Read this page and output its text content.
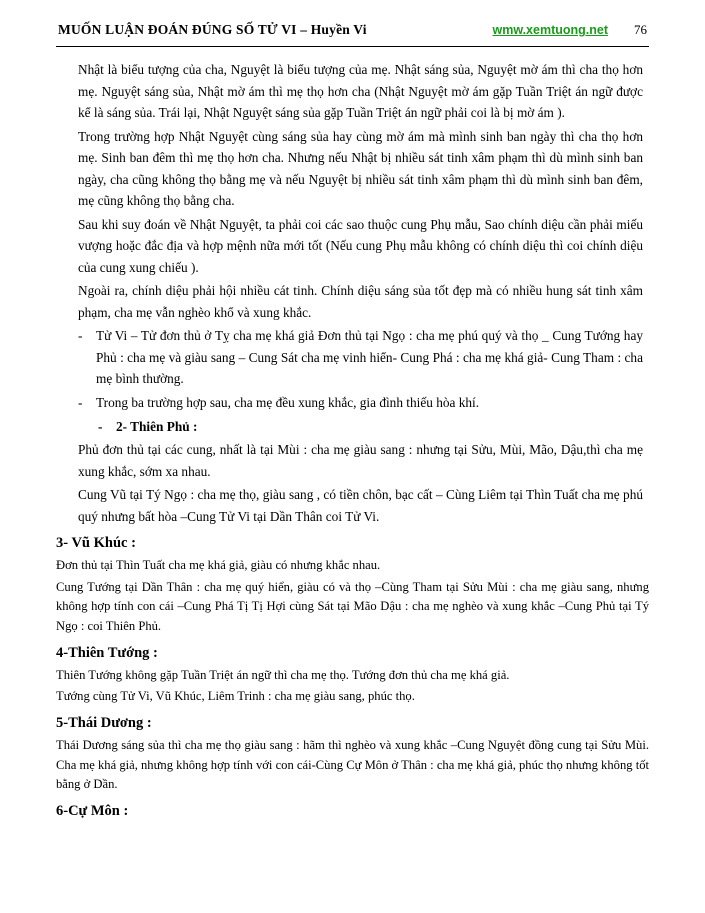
MUỐN LUẬN ĐOÁN ĐÚNG SỐ TỬ VI – Huyền Vi	wmw.xemtuong.net 76

Nhật là biểu tượng của cha, Nguyệt là biểu tượng của mẹ. Nhật sáng sủa, Nguyệt mờ ám thì cha thọ hơn mẹ. Nguyệt sáng sủa, Nhật mờ ám thì mẹ thọ hơn cha (Nhật Nguyệt mờ ám gặp Tuần Triệt án ngữ được kể là sáng sủa. Trái lại, Nhật Nguyệt sáng sủa gặp Tuần Triệt án ngữ phải coi là bị mờ ám ).

Trong trường hợp Nhật Nguyệt cùng sáng sủa hay cùng mờ ám mà mình sinh ban ngày thì cha thọ hơn mẹ. Sinh ban đêm thì mẹ thọ hơn cha. Nhưng nếu Nhật bị nhiều sát tinh xâm phạm thì dù mình sinh ban ngày, cha cũng không thọ bằng mẹ và nếu Nguyệt bị nhiều sát tinh xâm phạm thì dù mình sinh ban đêm, mẹ cũng không thọ bằng cha.

Sau khi suy đoán về Nhật Nguyệt, ta phải coi các sao thuộc cung Phụ mẫu, Sao chính diệu cần phải miếu vượng hoặc đắc địa và hợp mệnh nữa mới tốt (Nếu cung Phụ mẫu không có chính diệu thì coi chính diệu của cung xung chiếu ).

Ngoài ra, chính diệu phải hội nhiều cát tinh. Chính diệu sáng sủa tốt đẹp mà có nhiều hung sát tinh xâm phạm, cha mẹ vẫn nghèo khổ và xung khắc.

-	Tử Vi – Tử đơn thủ ở Tỵ cha mẹ khá giả Đơn thủ tại Ngọ : cha mẹ phú quý và thọ _ Cung Tướng hay Phủ : cha mẹ và giàu sang – Cung Sát cha mẹ vinh hiển- Cung Phá : cha mẹ khá giả- Cung Tham : cha mẹ bình thường.
-	Trong ba trường hợp sau, cha mẹ đều xung khắc, gia đình thiếu hòa khí.
-	2- Thiên Phủ :

Phủ đơn thủ tại các cung, nhất là tại Mùi : cha mẹ giàu sang : nhưng tại Sửu, Mùi, Mão, Dậu,thì cha mẹ xung khắc, sớm xa nhau.

Cung Vũ tại Tý Ngọ : cha mẹ thọ, giàu sang , có tiền chôn, bạc cất – Cùng Liêm tại Thìn Tuất cha mẹ phú quý nhưng bất hòa –Cung Tử Vi tại Dần Thân coi Tử Vi.

3- Vũ Khúc :

Đơn thủ tại Thìn Tuất cha mẹ khá giả, giàu có nhưng khắc nhau.

Cung Tướng tại Dần Thân : cha mẹ quý hiển, giàu có và thọ –Cùng Tham tại Sửu Mùi : cha mẹ giàu sang, nhưng không hợp tính con cái –Cung Phá Tị Tị Hợi cùng Sát tại Mão Dậu : cha mẹ nghèo và xung khắc –Cung Phủ tại Tý Ngọ : coi Thiên Phủ.

4-Thiên Tướng :

Thiên Tướng không gặp Tuần Triệt án ngữ thì cha mẹ thọ. Tướng đơn thủ cha mẹ khá giả.

Tướng cùng Tử Vi, Vũ Khúc, Liêm Trinh : cha mẹ giàu sang, phúc thọ.

5-Thái Dương :

Thái Dương sáng sủa thì cha mẹ thọ giàu sang : hãm thì nghèo và xung khắc –Cung Nguyệt đồng cung tại Sửu Mùi. Cha mẹ khá giả, nhưng không hợp tính với con cái-Cùng Cự Môn ở Thân : cha mẹ khá giả, phúc thọ nhưng không tốt bằng ở Dần.

6-Cự Môn :
